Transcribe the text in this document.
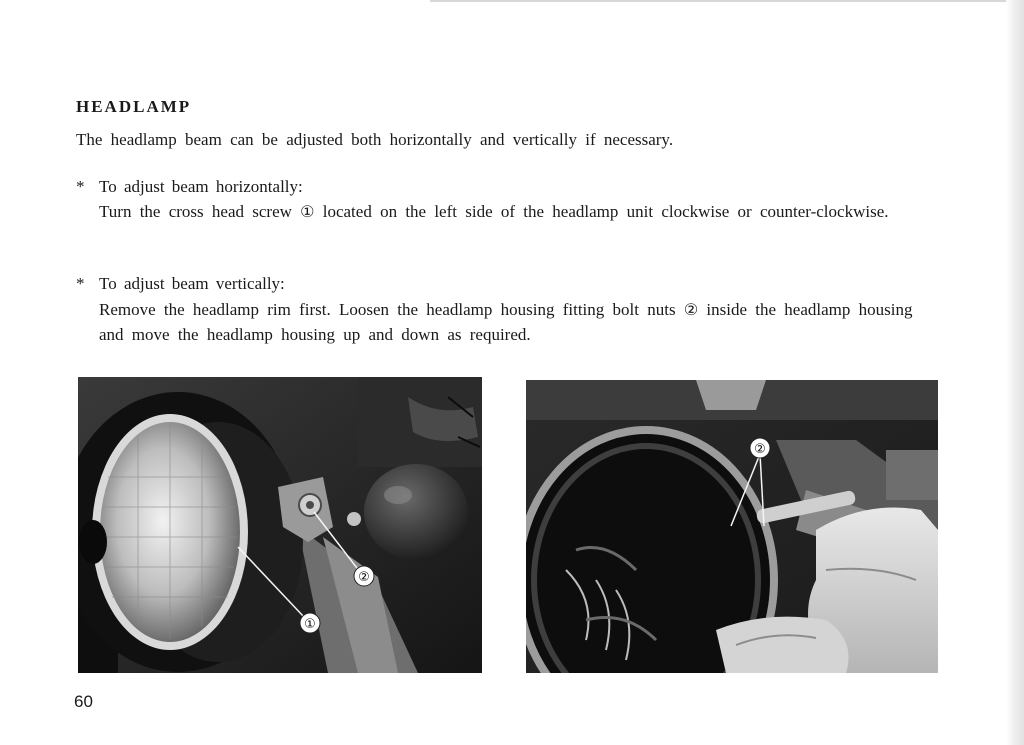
HEADLAMP
The headlamp beam can be adjusted both horizontally and vertically if necessary.
* To adjust beam horizontally:
Turn the cross head screw ① located on the left side of the headlamp unit clockwise or counter-clockwise.
* To adjust beam vertically:
Remove the headlamp rim first. Loosen the headlamp housing fitting bolt nuts ② inside the headlamp housing and move the headlamp housing up and down as required.
①
②
②
60
